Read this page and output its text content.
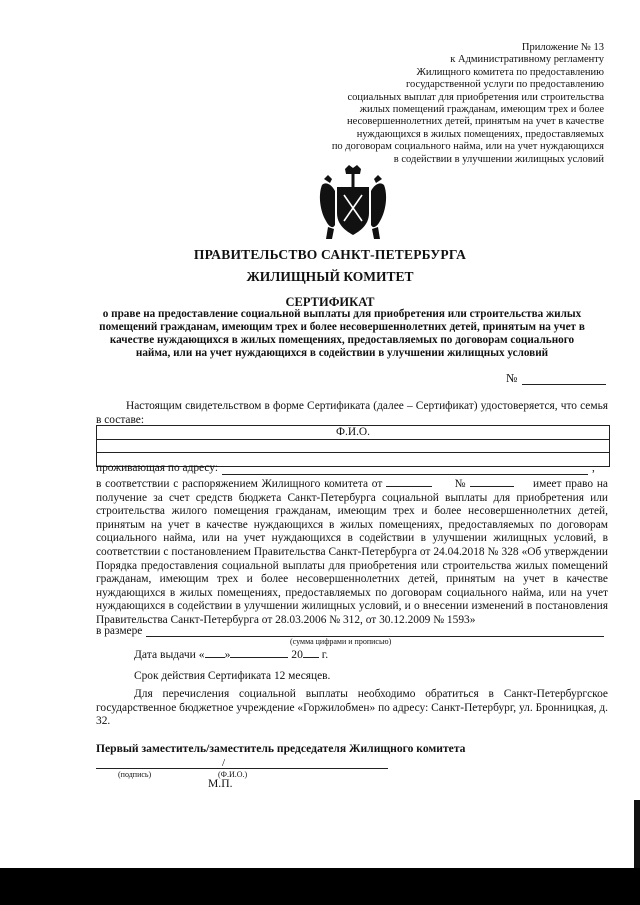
Приложение № 13
к Административному регламенту
Жилищного комитета по предоставлению
государственной услуги по предоставлению
социальных выплат для приобретения или строительства
жилых помещений гражданам, имеющим трех и более
несовершеннолетних детей, принятым на учет в качестве
нуждающихся в жилых помещениях, предоставляемых
по договорам социального найма, или на учет нуждающихся
в содействии в улучшении жилищных условий
ПРАВИТЕЛЬСТВО САНКТ-ПЕТЕРБУРГА
ЖИЛИЩНЫЙ КОМИТЕТ
СЕРТИФИКАТ
о праве на предоставление социальной выплаты для приобретения или строительства жилых помещений гражданам, имеющим трех и более несовершеннолетних детей, принятым на учет в качестве нуждающихся в жилых помещениях, предоставляемых по договорам социального найма, или на учет нуждающихся в содействии в улучшении жилищных условий
№
Настоящим свидетельством в форме Сертификата (далее – Сертификат) удостоверяется, что семья в составе:
Ф.И.О.
проживающая по адресу:	,
в соответствии с распоряжением Жилищного комитета от	№	имеет право на получение за счет средств бюджета Санкт-Петербурга социальной выплаты для приобретения или строительства жилого помещения гражданам, имеющим трех и более несовершеннолетних детей, принятым на учет в качестве нуждающихся в жилых помещениях, предоставляемых по договорам социального найма, или на учет нуждающихся в содействии в улучшении жилищных условий, в соответствии с постановлением Правительства Санкт-Петербурга от 24.04.2018 № 328 «Об утверждении Порядка предоставления социальной выплаты для приобретения или строительства жилых помещений гражданам, имеющим трех и более несовершеннолетних детей, принятым на учет в качестве нуждающихся в жилых помещениях, предоставляемых по договорам социального найма, или на учет нуждающихся в содействии в улучшении жилищных условий, и о внесении изменений в постановления Правительства Санкт-Петербурга от 28.03.2006 № 312, от 30.12.2009 № 1593»
в размере
(сумма цифрами и прописью)
Дата выдачи « »	20 г.
Срок действия Сертификата 12 месяцев.
Для перечисления социальной выплаты необходимо обратиться в Санкт-Петербургское государственное бюджетное учреждение «Горжилобмен» по адресу: Санкт-Петербург, ул. Бронницкая, д. 32.
Первый заместитель/заместитель председателя Жилищного комитета
/
(подпись)	(Ф.И.О.)
М.П.
